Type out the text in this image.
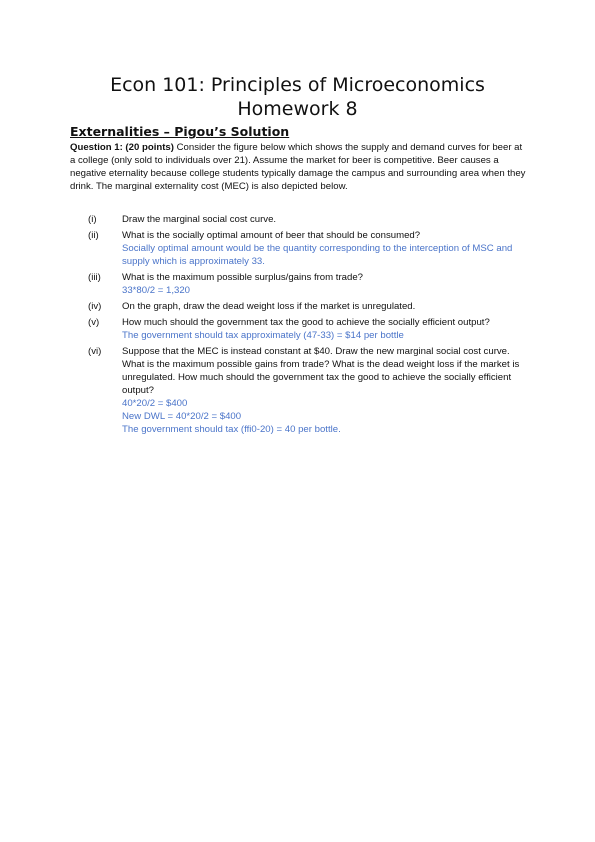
Econ 101: Principles of Microeconomics
Homework 8
Externalities – Pigou’s Solution
Question 1: (20 points) Consider the figure below which shows the supply and demand curves for beer at a college (only sold to individuals over 21). Assume the market for beer is competitive. Beer causes a negative eternality because college students typically damage the campus and surrounding area when they drink. The marginal externality cost (MEC) is also depicted below.
(i)	Draw the marginal social cost curve.
(ii)	What is the socially optimal amount of beer that should be consumed?
Socially optimal amount would be the quantity corresponding to the interception of MSC and supply which is approximately 33.
(iii)	What is the maximum possible surplus/gains from trade?
33*80/2 = 1,320
(iv)	On the graph, draw the dead weight loss if the market is unregulated.
(v)	How much should the government tax the good to achieve the socially efficient output?
The government should tax approximately (47-33) = $14 per bottle
(vi)	Suppose that the MEC is instead constant at $40. Draw the new marginal social cost curve. What is the maximum possible gains from trade? What is the dead weight loss if the market is unregulated. How much should the government tax the good to achieve the socially efficient output?
40*20/2 = $400
New DWL = 40*20/2 = $400
The government should tax (ffi0-20) = 40 per bottle.
